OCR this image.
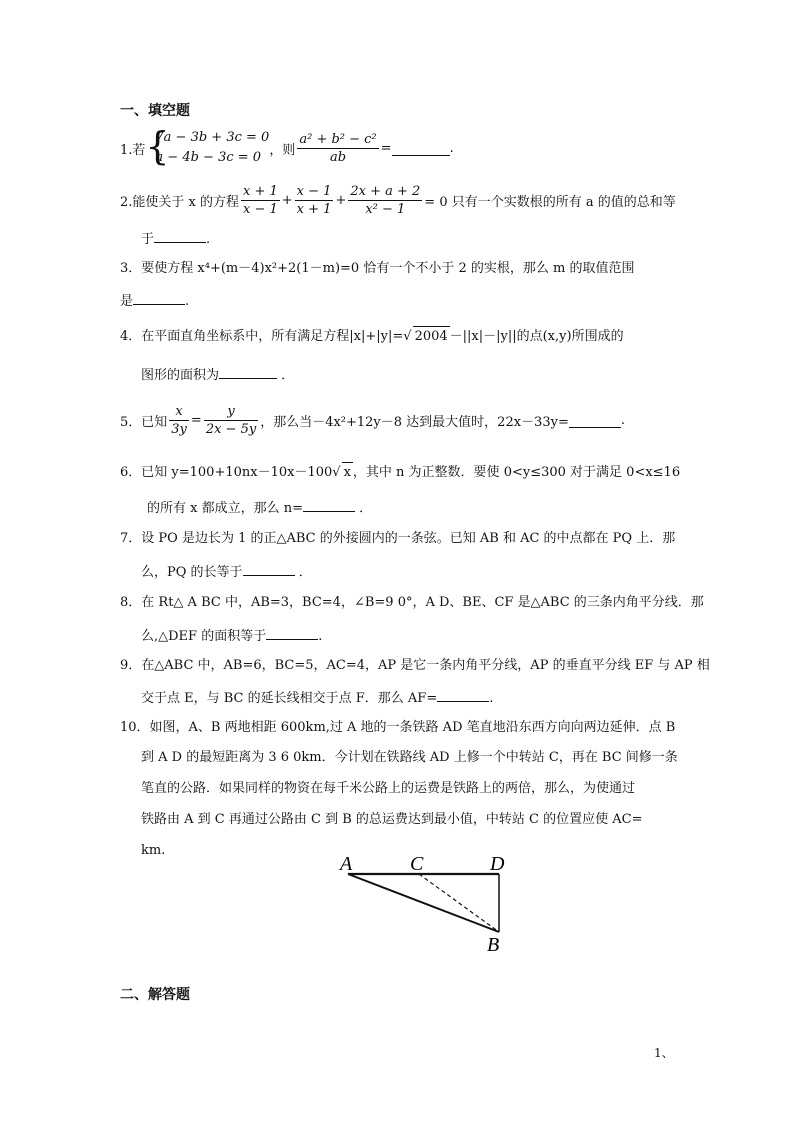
一、填空题
1.若 {
7a − 3b + 3c = 0
a − 4b − 3c = 0 ，则 $\frac{\text{a² + b² − c²}}{ab}$ =	.
2.能使关于 x 的方程 $\frac{x + 1}{x - 1} + \frac{x - 1}{x + 1} + \frac{2x + a + 2}{\text{x² − 1}} = 0$ 只有一个实数根的所有 a 的值的总和等
于	.
3．要使方程 x⁴+(m－4)x²+2(1－m)=0 恰有一个不小于 2 的实根，那么 m 的取值范围
是	.
4．在平面直角坐标系中，所有满足方程|x|+|y|=√ 2004 －||x|－|y||的点(x,y)所围成的
图形的面积为	．
5．已知 $\frac{x}{3y} = \frac{y}{2x - 5y}$ ，那么当－4x²+12y－8 达到最大值时，22x－33y=	.
6．已知 y=100+10nx－10x－100√ x ，其中 n 为正整数．要使 0<y≤300 对于满足 0<x≤16
的所有 x 都成立，那么 n=	．
7．设 PO 是边长为 1 的正△ABC 的外接圆内的一条弦。已知 AB 和 AC 的中点都在 PQ 上．那
么，PQ 的长等于	．
8．在 Rt△ A BC 中，AB=3，BC=4，∠B=9 0°，A D、BE、CF 是△ABC 的三条内角平分线．那
么,△DEF 的面积等于	.
9．在△ABC 中，AB=6，BC=5，AC=4，AP 是它一条内角平分线，AP 的垂直平分线 EF 与 AP 相
交于点 E，与 BC 的延长线相交于点 F．那么 AF=	.
10．如图，A、B 两地相距 600km,过 A 地的一条铁路 AD 笔直地沿东西方向向两边延伸．点 B
到 A D 的最短距离为 3 6 0km．今计划在铁路线 AD 上修一个中转站 C，再在 BC 间修一条
笔直的公路．如果同样的物资在每千米公路上的运费是铁路上的两倍，那么，为使通过
铁路由 A 到 C 再通过公路由 C 到 B 的总运费达到最小值，中转站 C 的位置应使 AC=
km.
A	C	D
B
二、解答题
1、
